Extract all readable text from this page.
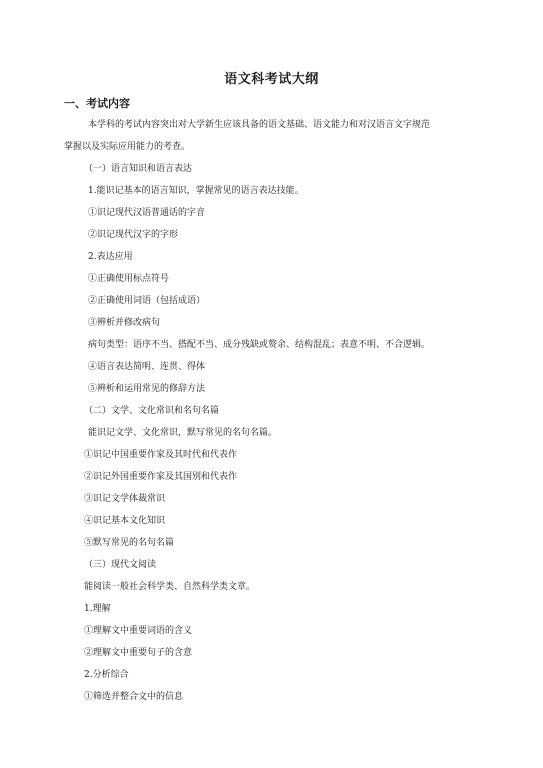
语文科考试大纲
一、考试内容
本学科的考试内容突出对大学新生应该具备的语文基础、语文能力和对汉语言文字规范
掌握以及实际应用能力的考查。
（一）语言知识和语言表达
1.能识记基本的语言知识，掌握常见的语言表达技能。
①识记现代汉语普通话的字音
②识记现代汉字的字形
2.表达应用
①正确使用标点符号
②正确使用词语（包括成语）
③辨析并修改病句
病句类型：语序不当、搭配不当、成分残缺或赘余、结构混乱；表意不明、不合逻辑。
④语言表达简明、连贯、得体
⑤辨析和运用常见的修辞方法
（二）文学、文化常识和名句名篇
能识记文学、文化常识，默写常见的名句名篇。
①识记中国重要作家及其时代和代表作
②识记外国重要作家及其国别和代表作
③识记文学体裁常识
④识记基本文化知识
⑤默写常见的名句名篇
（三）现代文阅读
能阅读一般社会科学类、自然科学类文章。
1.理解
①理解文中重要词语的含义
②理解文中重要句子的含意
2.分析综合
①筛选并整合文中的信息
